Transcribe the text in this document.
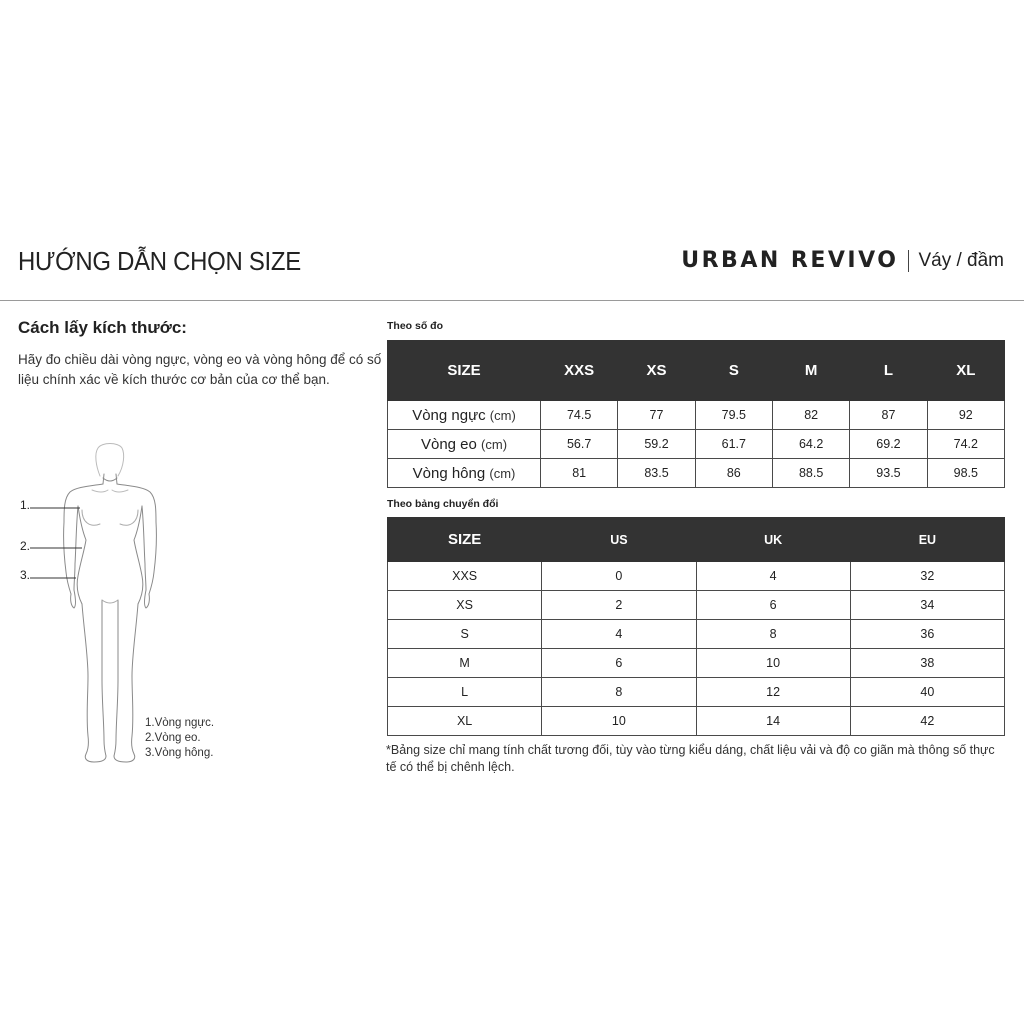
HƯỚNG DẪN CHỌN SIZE	URBAN REVIVO Váy / đầm
Cách lấy kích thước:
Hãy đo chiều dài vòng ngực, vòng eo và vòng hông để có số liệu chính xác về kích thước cơ bản của cơ thể bạn.
1.
2.
3.
1.Vòng ngực.
2.Vòng eo.
3.Vòng hông.
Theo số đo
SIZE	XXS	XS	S	M	L	XL
Vòng ngực (cm)	74.5	77	79.5	82	87	92
Vòng eo (cm)	56.7	59.2	61.7	64.2	69.2	74.2
Vòng hông (cm)	81	83.5	86	88.5	93.5	98.5
Theo bảng chuyển đổi
SIZE	US	UK	EU
XXS	0	4	32
XS	2	6	34
S	4	8	36
M	6	10	38
L	8	12	40
XL	10	14	42
*Bảng size chỉ mang tính chất tương đối, tùy vào từng kiểu dáng, chất liệu vải và độ co giãn mà thông số thực tế có thể bị chênh lệch.
